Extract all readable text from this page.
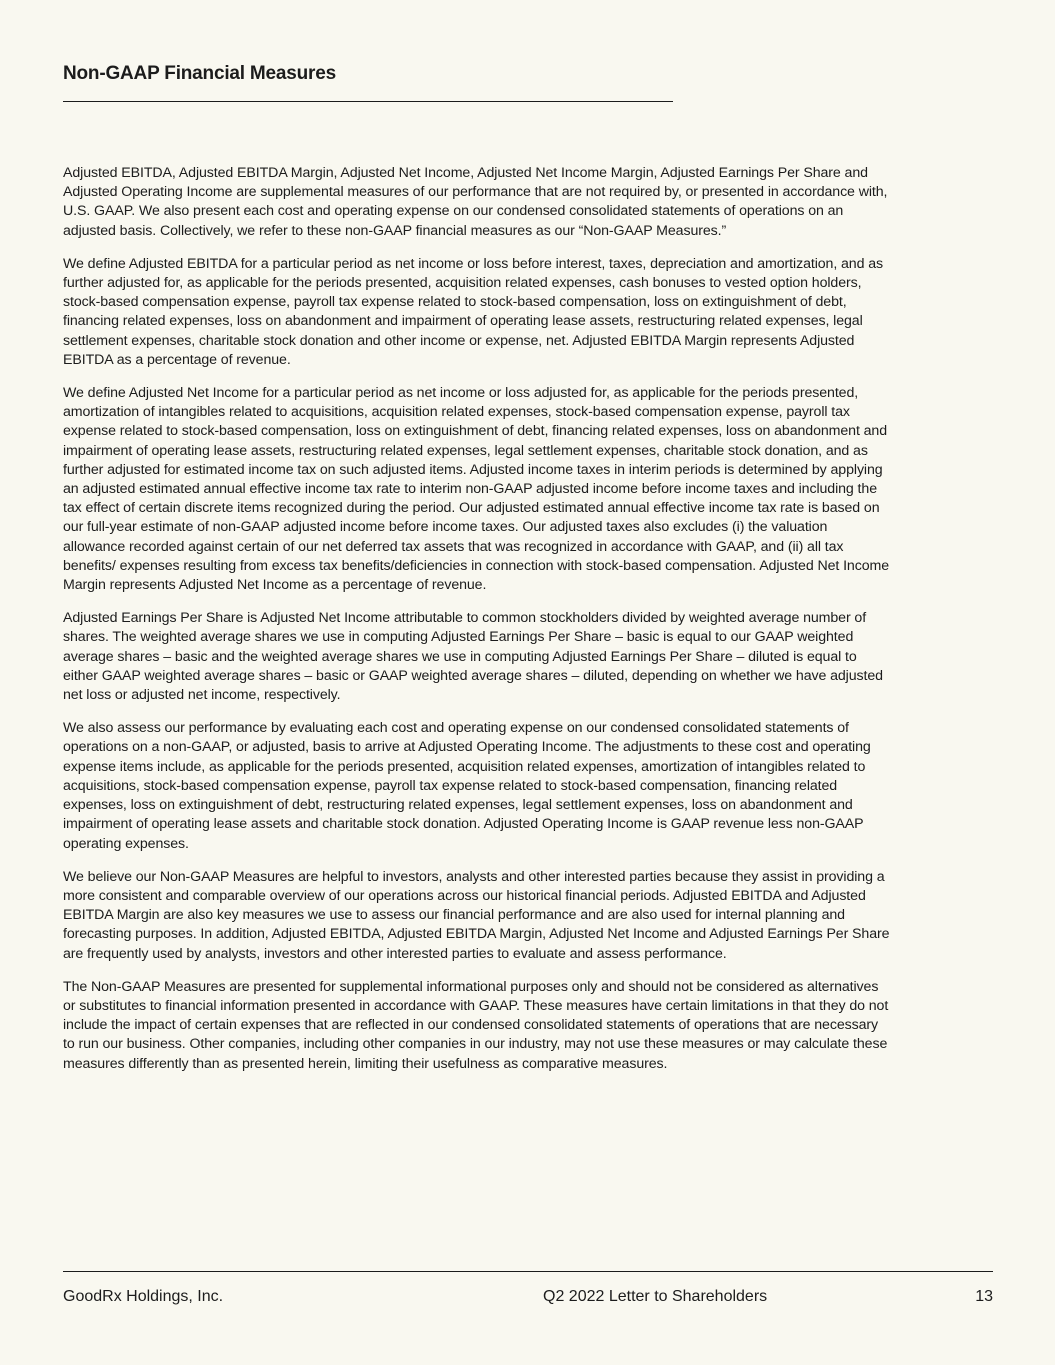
Non-GAAP Financial Measures

Adjusted EBITDA, Adjusted EBITDA Margin, Adjusted Net Income, Adjusted Net Income Margin, Adjusted Earnings Per Share and Adjusted Operating Income are supplemental measures of our performance that are not required by, or presented in accordance with, U.S. GAAP. We also present each cost and operating expense on our condensed consolidated statements of operations on an adjusted basis. Collectively, we refer to these non-GAAP financial measures as our “Non-GAAP Measures.”

We define Adjusted EBITDA for a particular period as net income or loss before interest, taxes, depreciation and amortization, and as further adjusted for, as applicable for the periods presented, acquisition related expenses, cash bonuses to vested option holders, stock-based compensation expense, payroll tax expense related to stock-based compensation, loss on extinguishment of debt, financing related expenses, loss on abandonment and impairment of operating lease assets, restructuring related expenses, legal settlement expenses, charitable stock donation and other income or expense, net. Adjusted EBITDA Margin represents Adjusted EBITDA as a percentage of revenue.

We define Adjusted Net Income for a particular period as net income or loss adjusted for, as applicable for the periods presented, amortization of intangibles related to acquisitions, acquisition related expenses, stock-based compensation expense, payroll tax expense related to stock-based compensation, loss on extinguishment of debt, financing related expenses, loss on abandonment and impairment of operating lease assets, restructuring related expenses, legal settlement expenses, charitable stock donation, and as further adjusted for estimated income tax on such adjusted items. Adjusted income taxes in interim periods is determined by applying an adjusted estimated annual effective income tax rate to interim non-GAAP adjusted income before income taxes and including the tax effect of certain discrete items recognized during the period. Our adjusted estimated annual effective income tax rate is based on our full-year estimate of non-GAAP adjusted income before income taxes. Our adjusted taxes also excludes (i) the valuation allowance recorded against certain of our net deferred tax assets that was recognized in accordance with GAAP, and (ii) all tax benefits/ expenses resulting from excess tax benefits/deficiencies in connection with stock-based compensation. Adjusted Net Income Margin represents Adjusted Net Income as a percentage of revenue.

Adjusted Earnings Per Share is Adjusted Net Income attributable to common stockholders divided by weighted average number of shares. The weighted average shares we use in computing Adjusted Earnings Per Share – basic is equal to our GAAP weighted average shares – basic and the weighted average shares we use in computing Adjusted Earnings Per Share – diluted is equal to either GAAP weighted average shares – basic or GAAP weighted average shares – diluted, depending on whether we have adjusted net loss or adjusted net income, respectively.

We also assess our performance by evaluating each cost and operating expense on our condensed consolidated statements of operations on a non-GAAP, or adjusted, basis to arrive at Adjusted Operating Income. The adjustments to these cost and operating expense items include, as applicable for the periods presented, acquisition related expenses, amortization of intangibles related to acquisitions, stock-based compensation expense, payroll tax expense related to stock-based compensation, financing related expenses, loss on extinguishment of debt, restructuring related expenses, legal settlement expenses, loss on abandonment and impairment of operating lease assets and charitable stock donation. Adjusted Operating Income is GAAP revenue less non-GAAP operating expenses.

We believe our Non-GAAP Measures are helpful to investors, analysts and other interested parties because they assist in providing a more consistent and comparable overview of our operations across our historical financial periods. Adjusted EBITDA and Adjusted EBITDA Margin are also key measures we use to assess our financial performance and are also used for internal planning and forecasting purposes. In addition, Adjusted EBITDA, Adjusted EBITDA Margin, Adjusted Net Income and Adjusted Earnings Per Share are frequently used by analysts, investors and other interested parties to evaluate and assess performance.

The Non-GAAP Measures are presented for supplemental informational purposes only and should not be considered as alternatives or substitutes to financial information presented in accordance with GAAP. These measures have certain limitations in that they do not include the impact of certain expenses that are reflected in our condensed consolidated statements of operations that are necessary to run our business. Other companies, including other companies in our industry, may not use these measures or may calculate these measures differently than as presented herein, limiting their usefulness as comparative measures.

GoodRx Holdings, Inc.	Q2 2022 Letter to Shareholders	13
